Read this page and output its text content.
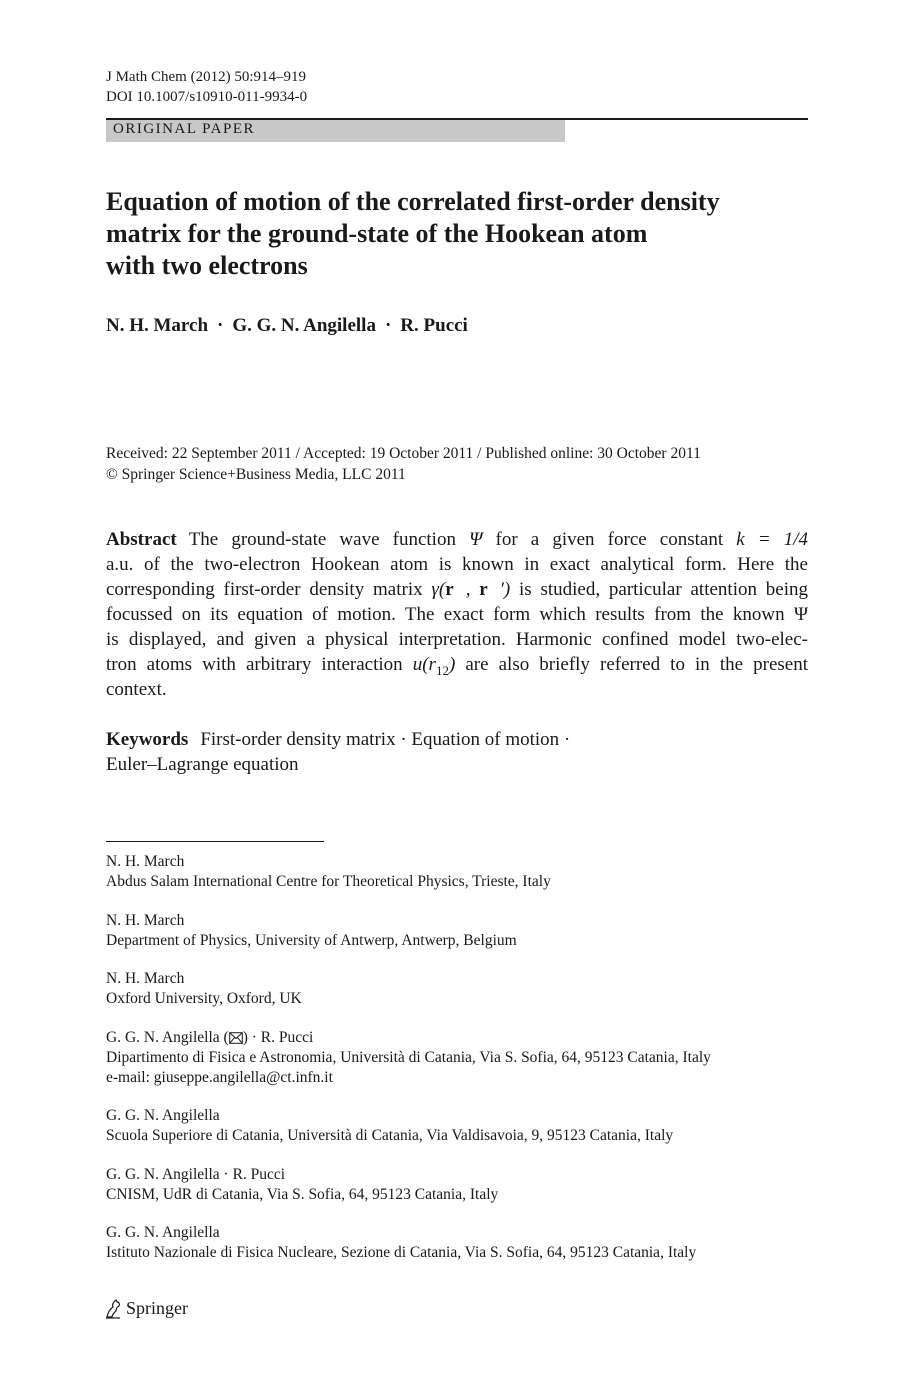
J Math Chem (2012) 50:914–919
DOI 10.1007/s10910-011-9934-0
ORIGINAL PAPER
Equation of motion of the correlated first-order density
matrix for the ground-state of the Hookean atom
with two electrons
N. H. March · G. G. N. Angilella · R. Pucci
Received: 22 September 2011 / Accepted: 19 October 2011 / Published online: 30 October 2011
© Springer Science+Business Media, LLC 2011
Abstract The ground-state wave function Ψ for a given force constant k = 1/4
a.u. of the two-electron Hookean atom is known in exact analytical form. Here the
corresponding first-order density matrix γ(r , r ′) is studied, particular attention being
focussed on its equation of motion. The exact form which results from the known Ψ
is displayed, and given a physical interpretation. Harmonic confined model two-elec-
tron atoms with arbitrary interaction $u(r_{12})$ are also briefly referred to in the present
context.
Keywords First-order density matrix · Equation of motion ·
Euler–Lagrange equation
N. H. March
Abdus Salam International Centre for Theoretical Physics, Trieste, Italy
N. H. March
Department of Physics, University of Antwerp, Antwerp, Belgium
N. H. March
Oxford University, Oxford, UK
G. G. N. Angilella ( ) · R. Pucci
Dipartimento di Fisica e Astronomia, Università di Catania, Via S. Sofia, 64, 95123 Catania, Italy
e-mail: giuseppe.angilella@ct.infn.it
G. G. N. Angilella
Scuola Superiore di Catania, Università di Catania, Via Valdisavoia, 9, 95123 Catania, Italy
G. G. N. Angilella · R. Pucci
CNISM, UdR di Catania, Via S. Sofia, 64, 95123 Catania, Italy
G. G. N. Angilella
Istituto Nazionale di Fisica Nucleare, Sezione di Catania, Via S. Sofia, 64, 95123 Catania, Italy
Springer
